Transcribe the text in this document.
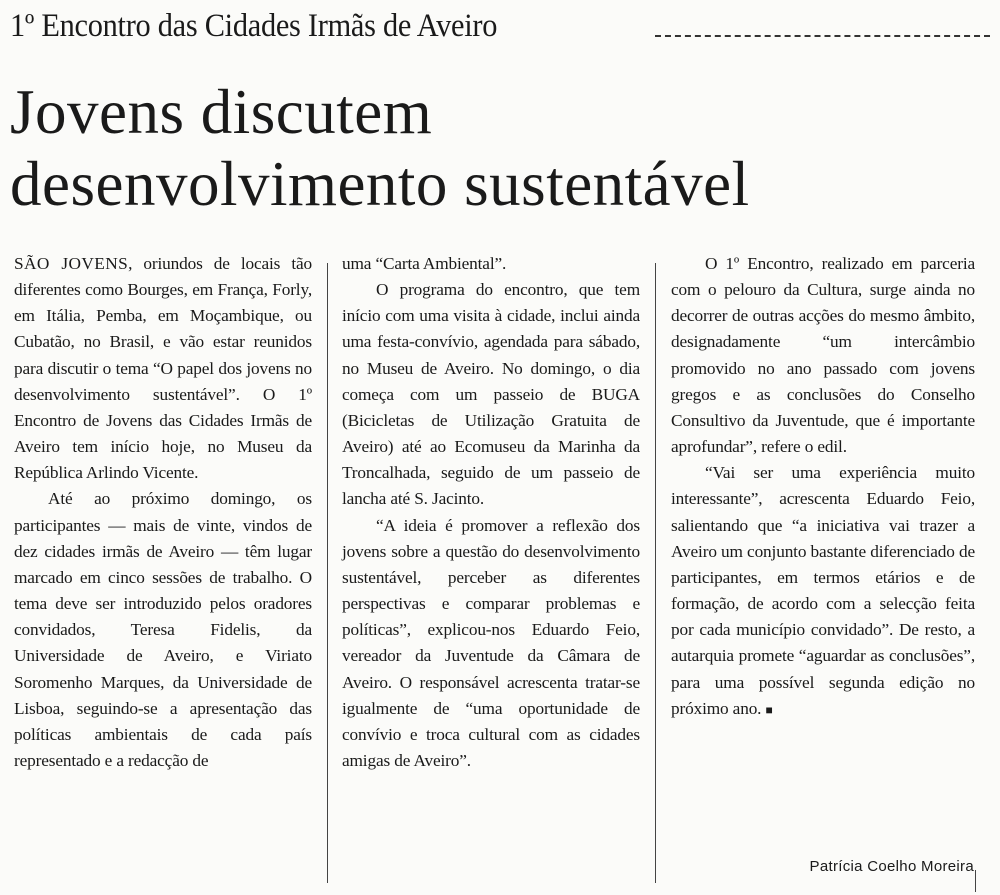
1º Encontro das Cidades Irmãs de Aveiro
Jovens discutem
desenvolvimento sustentável

SÃO JOVENS, oriundos de locais tão diferentes como Bourges, em França, Forly, em Itália, Pemba, em Moçambique, ou Cubatão, no Brasil, e vão estar reunidos para discutir o tema “O papel dos jovens no desenvolvimento sustentável”. O 1º Encontro de Jovens das Cidades Irmãs de Aveiro tem início hoje, no Museu da República Arlindo Vicente.

Até ao próximo domingo, os participantes — mais de vinte, vindos de dez cidades irmãs de Aveiro — têm lugar marcado em cinco sessões de trabalho. O tema deve ser introduzido pelos oradores convidados, Teresa Fidelis, da Universidade de Aveiro, e Viriato Soromenho Marques, da Universidade de Lisboa, seguindo-se a apresentação das políticas ambientais de cada país representado e a redacção de

uma “Carta Ambiental”.

O programa do encontro, que tem início com uma visita à cidade, inclui ainda uma festa-convívio, agendada para sábado, no Museu de Aveiro. No domingo, o dia começa com um passeio de BUGA (Bicicletas de Utilização Gratuita de Aveiro) até ao Ecomuseu da Marinha da Troncalhada, seguido de um passeio de lancha até S. Jacinto.

“A ideia é promover a reflexão dos jovens sobre a questão do desenvolvimento sustentável, perceber as diferentes perspectivas e comparar problemas e políticas”, explicou-nos Eduardo Feio, vereador da Juventude da Câmara de Aveiro. O responsável acrescenta tratar-se igualmente de “uma oportunidade de convívio e troca cultural com as cidades amigas de Aveiro”.

O 1º Encontro, realizado em parceria com o pelouro da Cultura, surge ainda no decorrer de outras acções do mesmo âmbito, designadamente “um intercâmbio promovido no ano passado com jovens gregos e as conclusões do Conselho Consultivo da Juventude, que é importante aprofundar”, refere o edil.

“Vai ser uma experiência muito interessante”, acrescenta Eduardo Feio, salientando que “a iniciativa vai trazer a Aveiro um conjunto bastante diferenciado de participantes, em termos etários e de formação, de acordo com a selecção feita por cada município convidado”. De resto, a autarquia promete “aguardar as conclusões”, para uma possível segunda edição no próximo ano. ■

Patrícia Coelho Moreira
